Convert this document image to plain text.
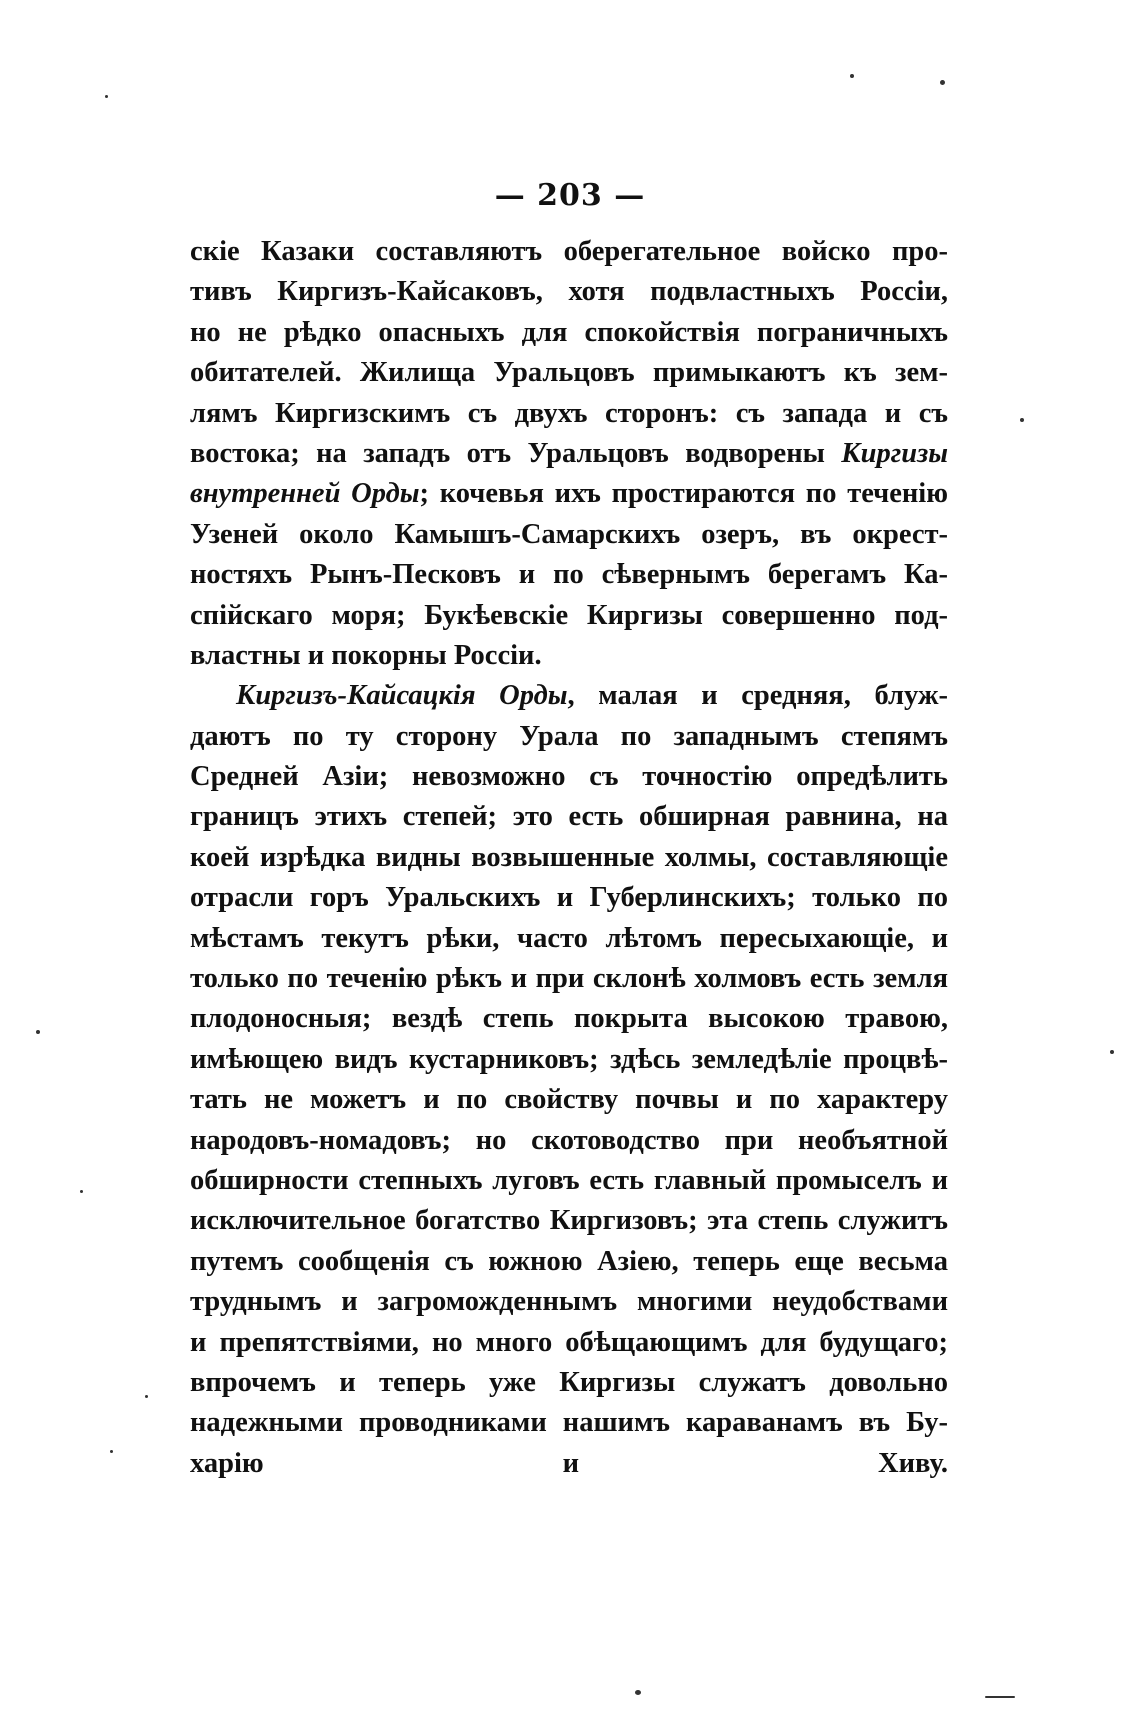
— 203 —
скіе Казаки составляютъ оберегательное войско про-
тивъ Киргизъ-Кайсаковъ, хотя подвластныхъ Россіи,
но не рѣдко опасныхъ для спокойствія пограничныхъ
обитателей. Жилища Уральцовъ примыкаютъ къ зем-
лямъ Киргизскимъ съ двухъ сторонъ: съ запада и съ
востока; на западъ отъ Уральцовъ водворены Киргизы
внутренней Орды; кочевья ихъ простираются по теченію
Узеней около Камышъ-Самарскихъ озеръ, въ окрест-
ностяхъ Рынъ-Песковъ и по сѣвернымъ берегамъ Ка-
спійскаго моря; Букѣевскіе Киргизы совершенно под-
властны и покорны Россіи.
Киргизъ-Кайсацкія Орды, малая и средняя, блуж-
даютъ по ту сторону Урала по западнымъ степямъ
Средней Азіи; невозможно съ точностію опредѣлить
границъ этихъ степей; это есть обширная равнина, на
коей изрѣдка видны возвышенные холмы, составляющіе
отрасли горъ Уральскихъ и Губерлинскихъ; только по
мѣстамъ текутъ рѣки, часто лѣтомъ пересыхающіе, и
только по теченію рѣкъ и при склонѣ холмовъ есть земля
плодоносныя; вездѣ степь покрыта высокою травою,
имѣющею видъ кустарниковъ; здѣсь земледѣліе процвѣ-
тать не можетъ и по свойству почвы и по характеру
народовъ-номадовъ; но скотоводство при необъятной
обширности степныхъ луговъ есть главный промыселъ и
исключительное богатство Киргизовъ; эта степь служитъ
путемъ сообщенія съ южною Азіею, теперь еще весьма
труднымъ и загроможденнымъ многими неудобствами
и препятствіями, но много обѣщающимъ для будущаго;
впрочемъ и теперь уже Киргизы служатъ довольно
надежными проводниками нашимъ караванамъ въ Бу-
харію и Хиву.
